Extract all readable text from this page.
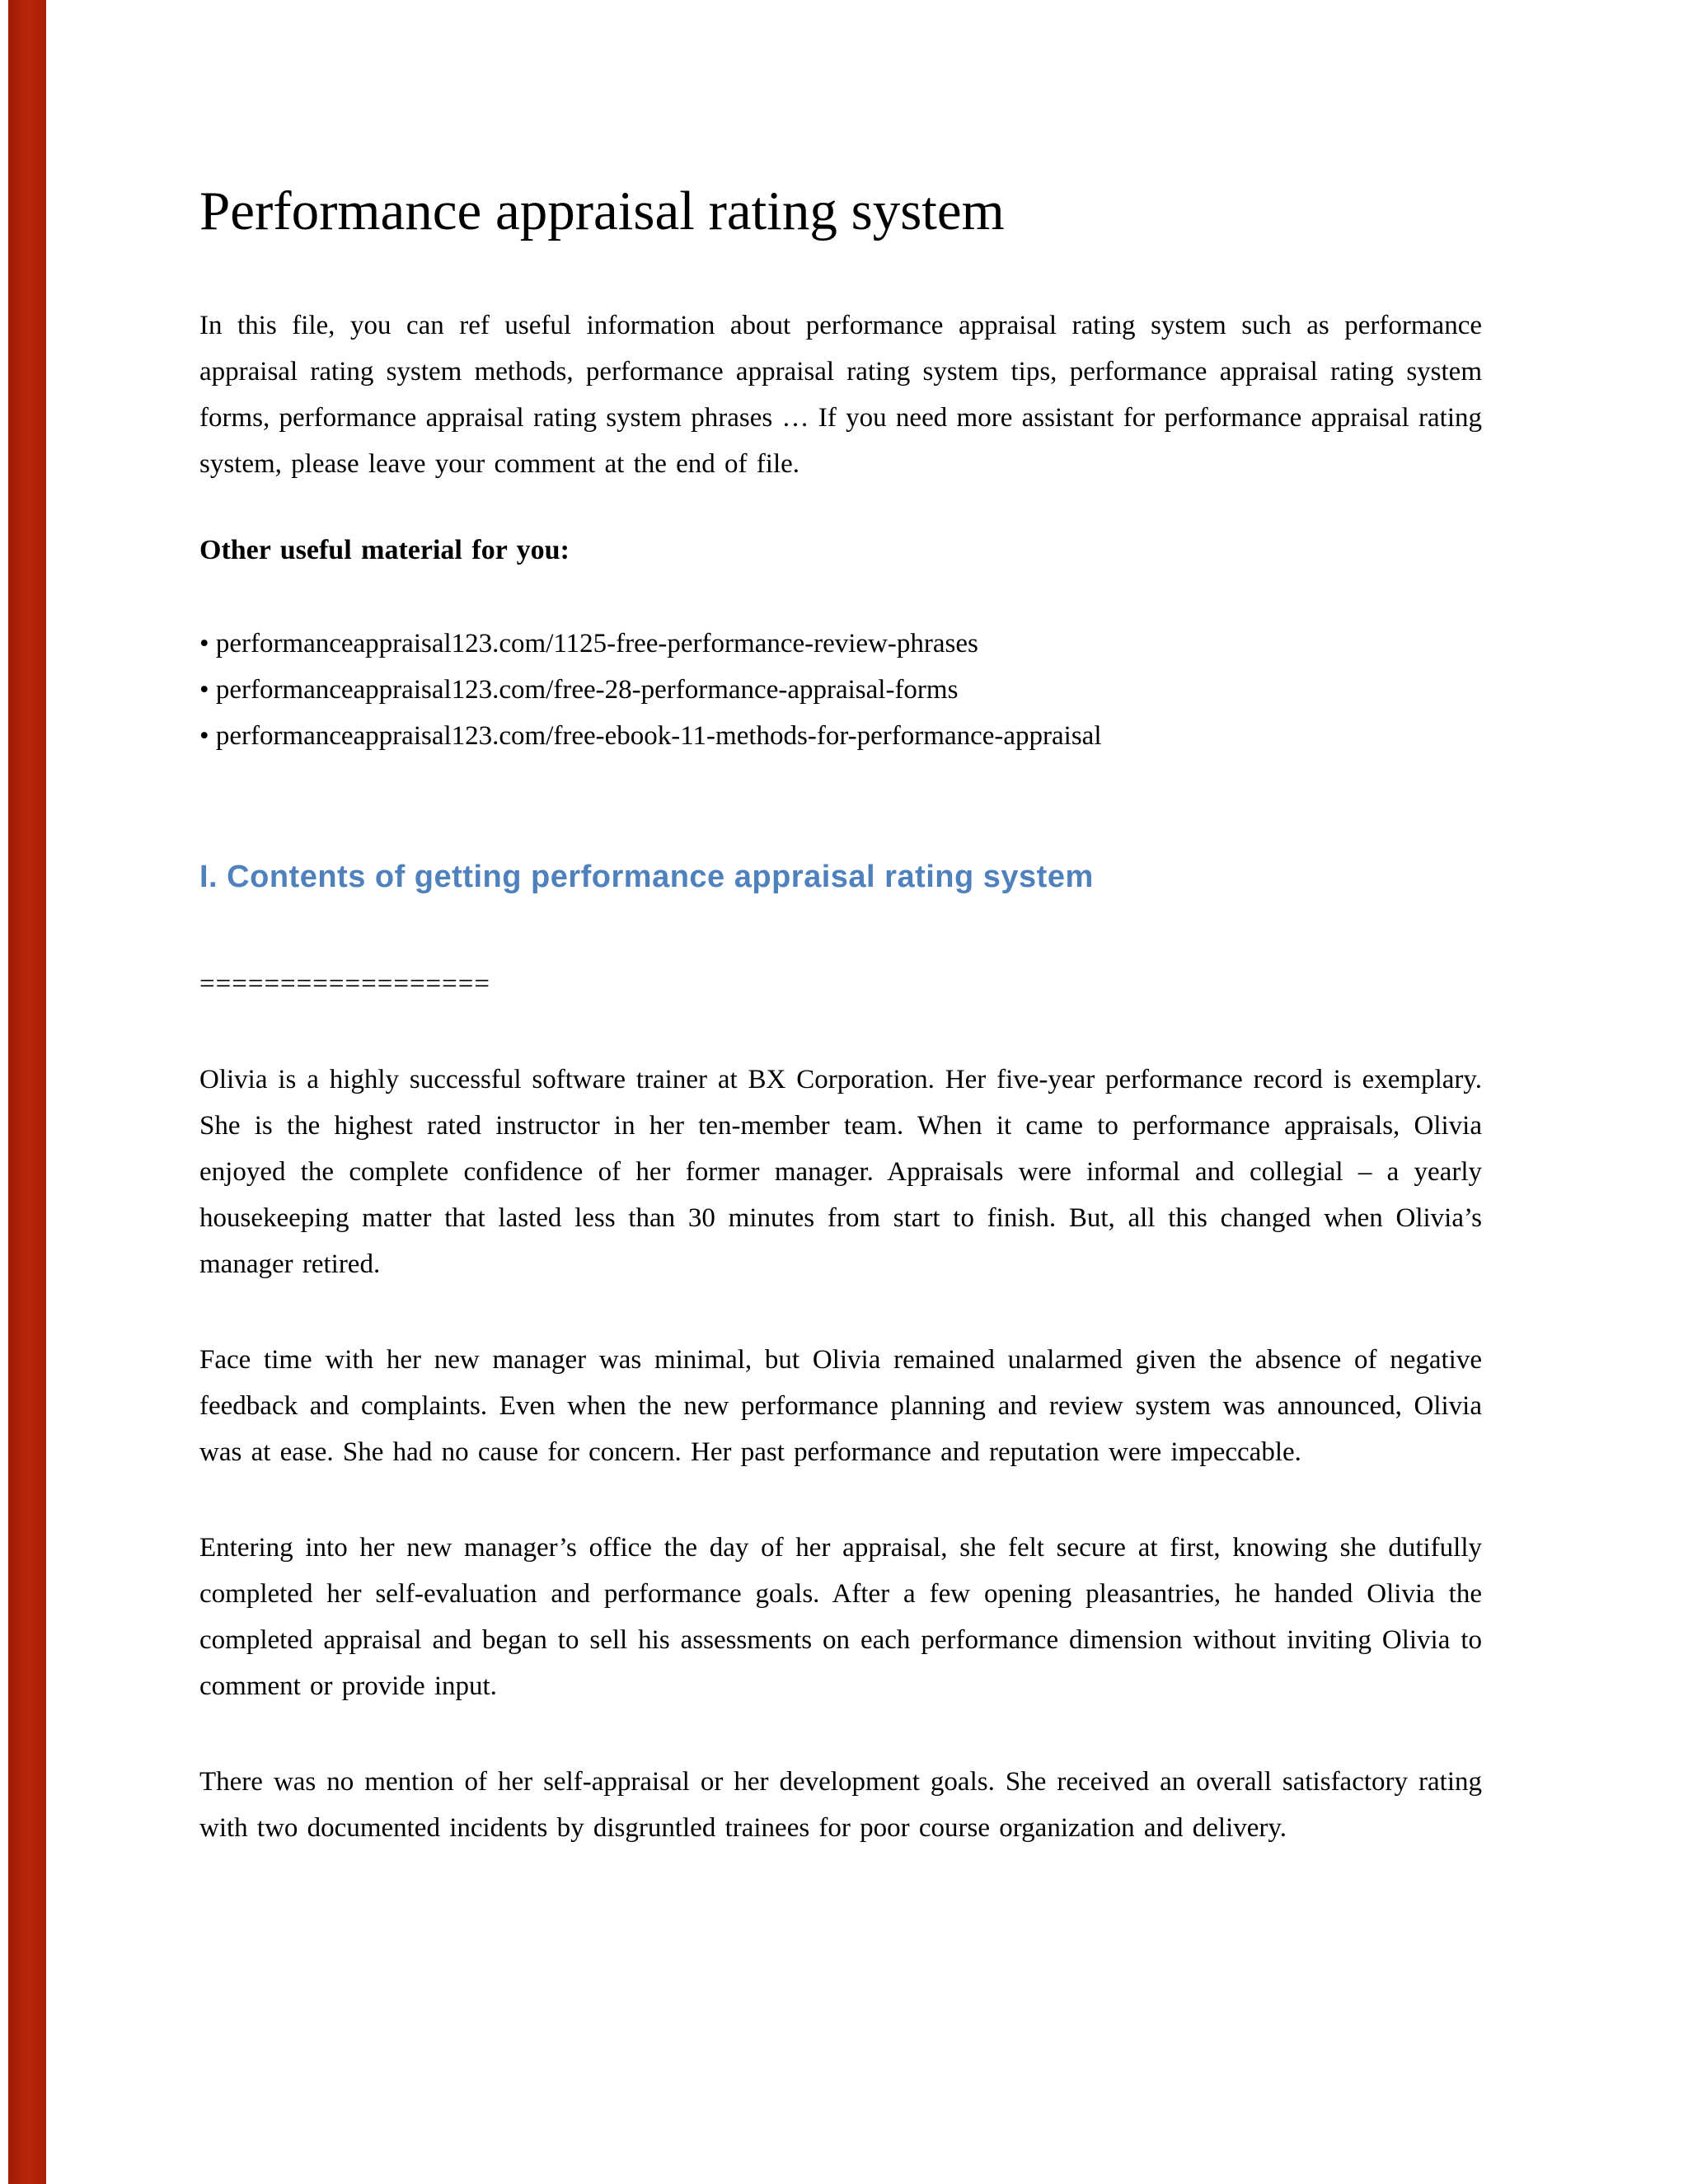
Performance appraisal rating system

In this file, you can ref useful information about performance appraisal rating system such as performance appraisal rating system methods, performance appraisal rating system tips, performance appraisal rating system forms, performance appraisal rating system phrases … If you need more assistant for performance appraisal rating system, please leave your comment at the end of file.

Other useful material for you:

• performanceappraisal123.com/1125-free-performance-review-phrases

• performanceappraisal123.com/free-28-performance-appraisal-forms

• performanceappraisal123.com/free-ebook-11-methods-for-performance-appraisal

I. Contents of getting performance appraisal rating system

==================

Olivia is a highly successful software trainer at BX Corporation. Her five-year performance record is exemplary. She is the highest rated instructor in her ten-member team. When it came to performance appraisals, Olivia enjoyed the complete confidence of her former manager. Appraisals were informal and collegial – a yearly housekeeping matter that lasted less than 30 minutes from start to finish. But, all this changed when Olivia’s manager retired.

Face time with her new manager was minimal, but Olivia remained unalarmed given the absence of negative feedback and complaints. Even when the new performance planning and review system was announced, Olivia was at ease. She had no cause for concern. Her past performance and reputation were impeccable.

Entering into her new manager’s office the day of her appraisal, she felt secure at first, knowing she dutifully completed her self-evaluation and performance goals. After a few opening pleasantries, he handed Olivia the completed appraisal and began to sell his assessments on each performance dimension without inviting Olivia to comment or provide input.

There was no mention of her self-appraisal or her development goals. She received an overall satisfactory rating with two documented incidents by disgruntled trainees for poor course organization and delivery.
